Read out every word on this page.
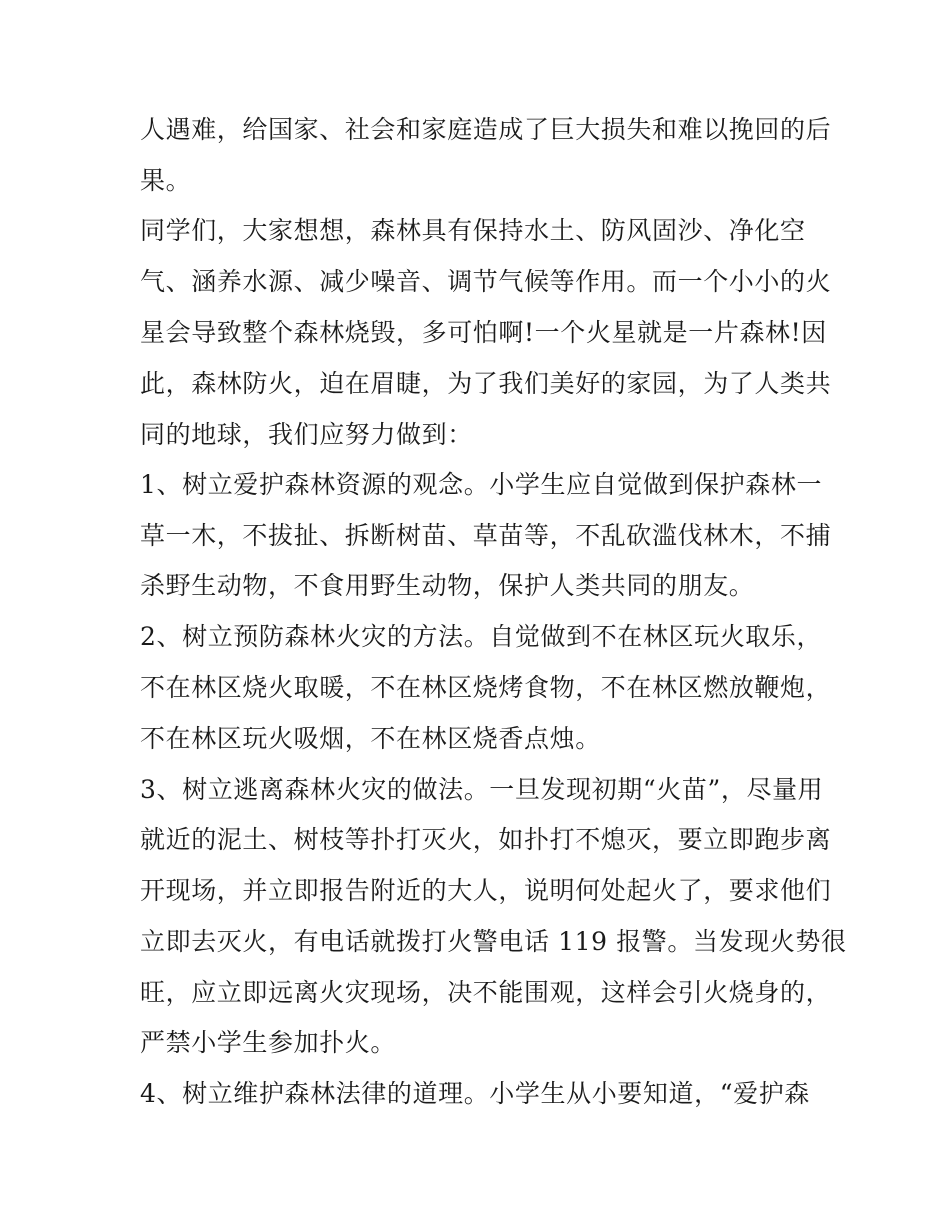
人遇难，给国家、社会和家庭造成了巨大损失和难以挽回的后
果。
同学们，大家想想，森林具有保持水土、防风固沙、净化空
气、涵养水源、减少噪音、调节气候等作用。而一个小小的火
星会导致整个森林烧毁，多可怕啊!一个火星就是一片森林!因
此，森林防火，迫在眉睫，为了我们美好的家园，为了人类共
同的地球，我们应努力做到：
1、树立爱护森林资源的观念。小学生应自觉做到保护森林一
草一木，不拔扯、拆断树苗、草苗等，不乱砍滥伐林木，不捕
杀野生动物，不食用野生动物，保护人类共同的朋友。
2、树立预防森林火灾的方法。自觉做到不在林区玩火取乐，
不在林区烧火取暖，不在林区烧烤食物，不在林区燃放鞭炮，
不在林区玩火吸烟，不在林区烧香点烛。
3、树立逃离森林火灾的做法。一旦发现初期“火苗”，尽量用
就近的泥土、树枝等扑打灭火，如扑打不熄灭，要立即跑步离
开现场，并立即报告附近的大人，说明何处起火了，要求他们
立即去灭火，有电话就拨打火警电话 119 报警。当发现火势很
旺，应立即远离火灾现场，决不能围观，这样会引火烧身的，
严禁小学生参加扑火。
4、树立维护森林法律的道理。小学生从小要知道，“爱护森
